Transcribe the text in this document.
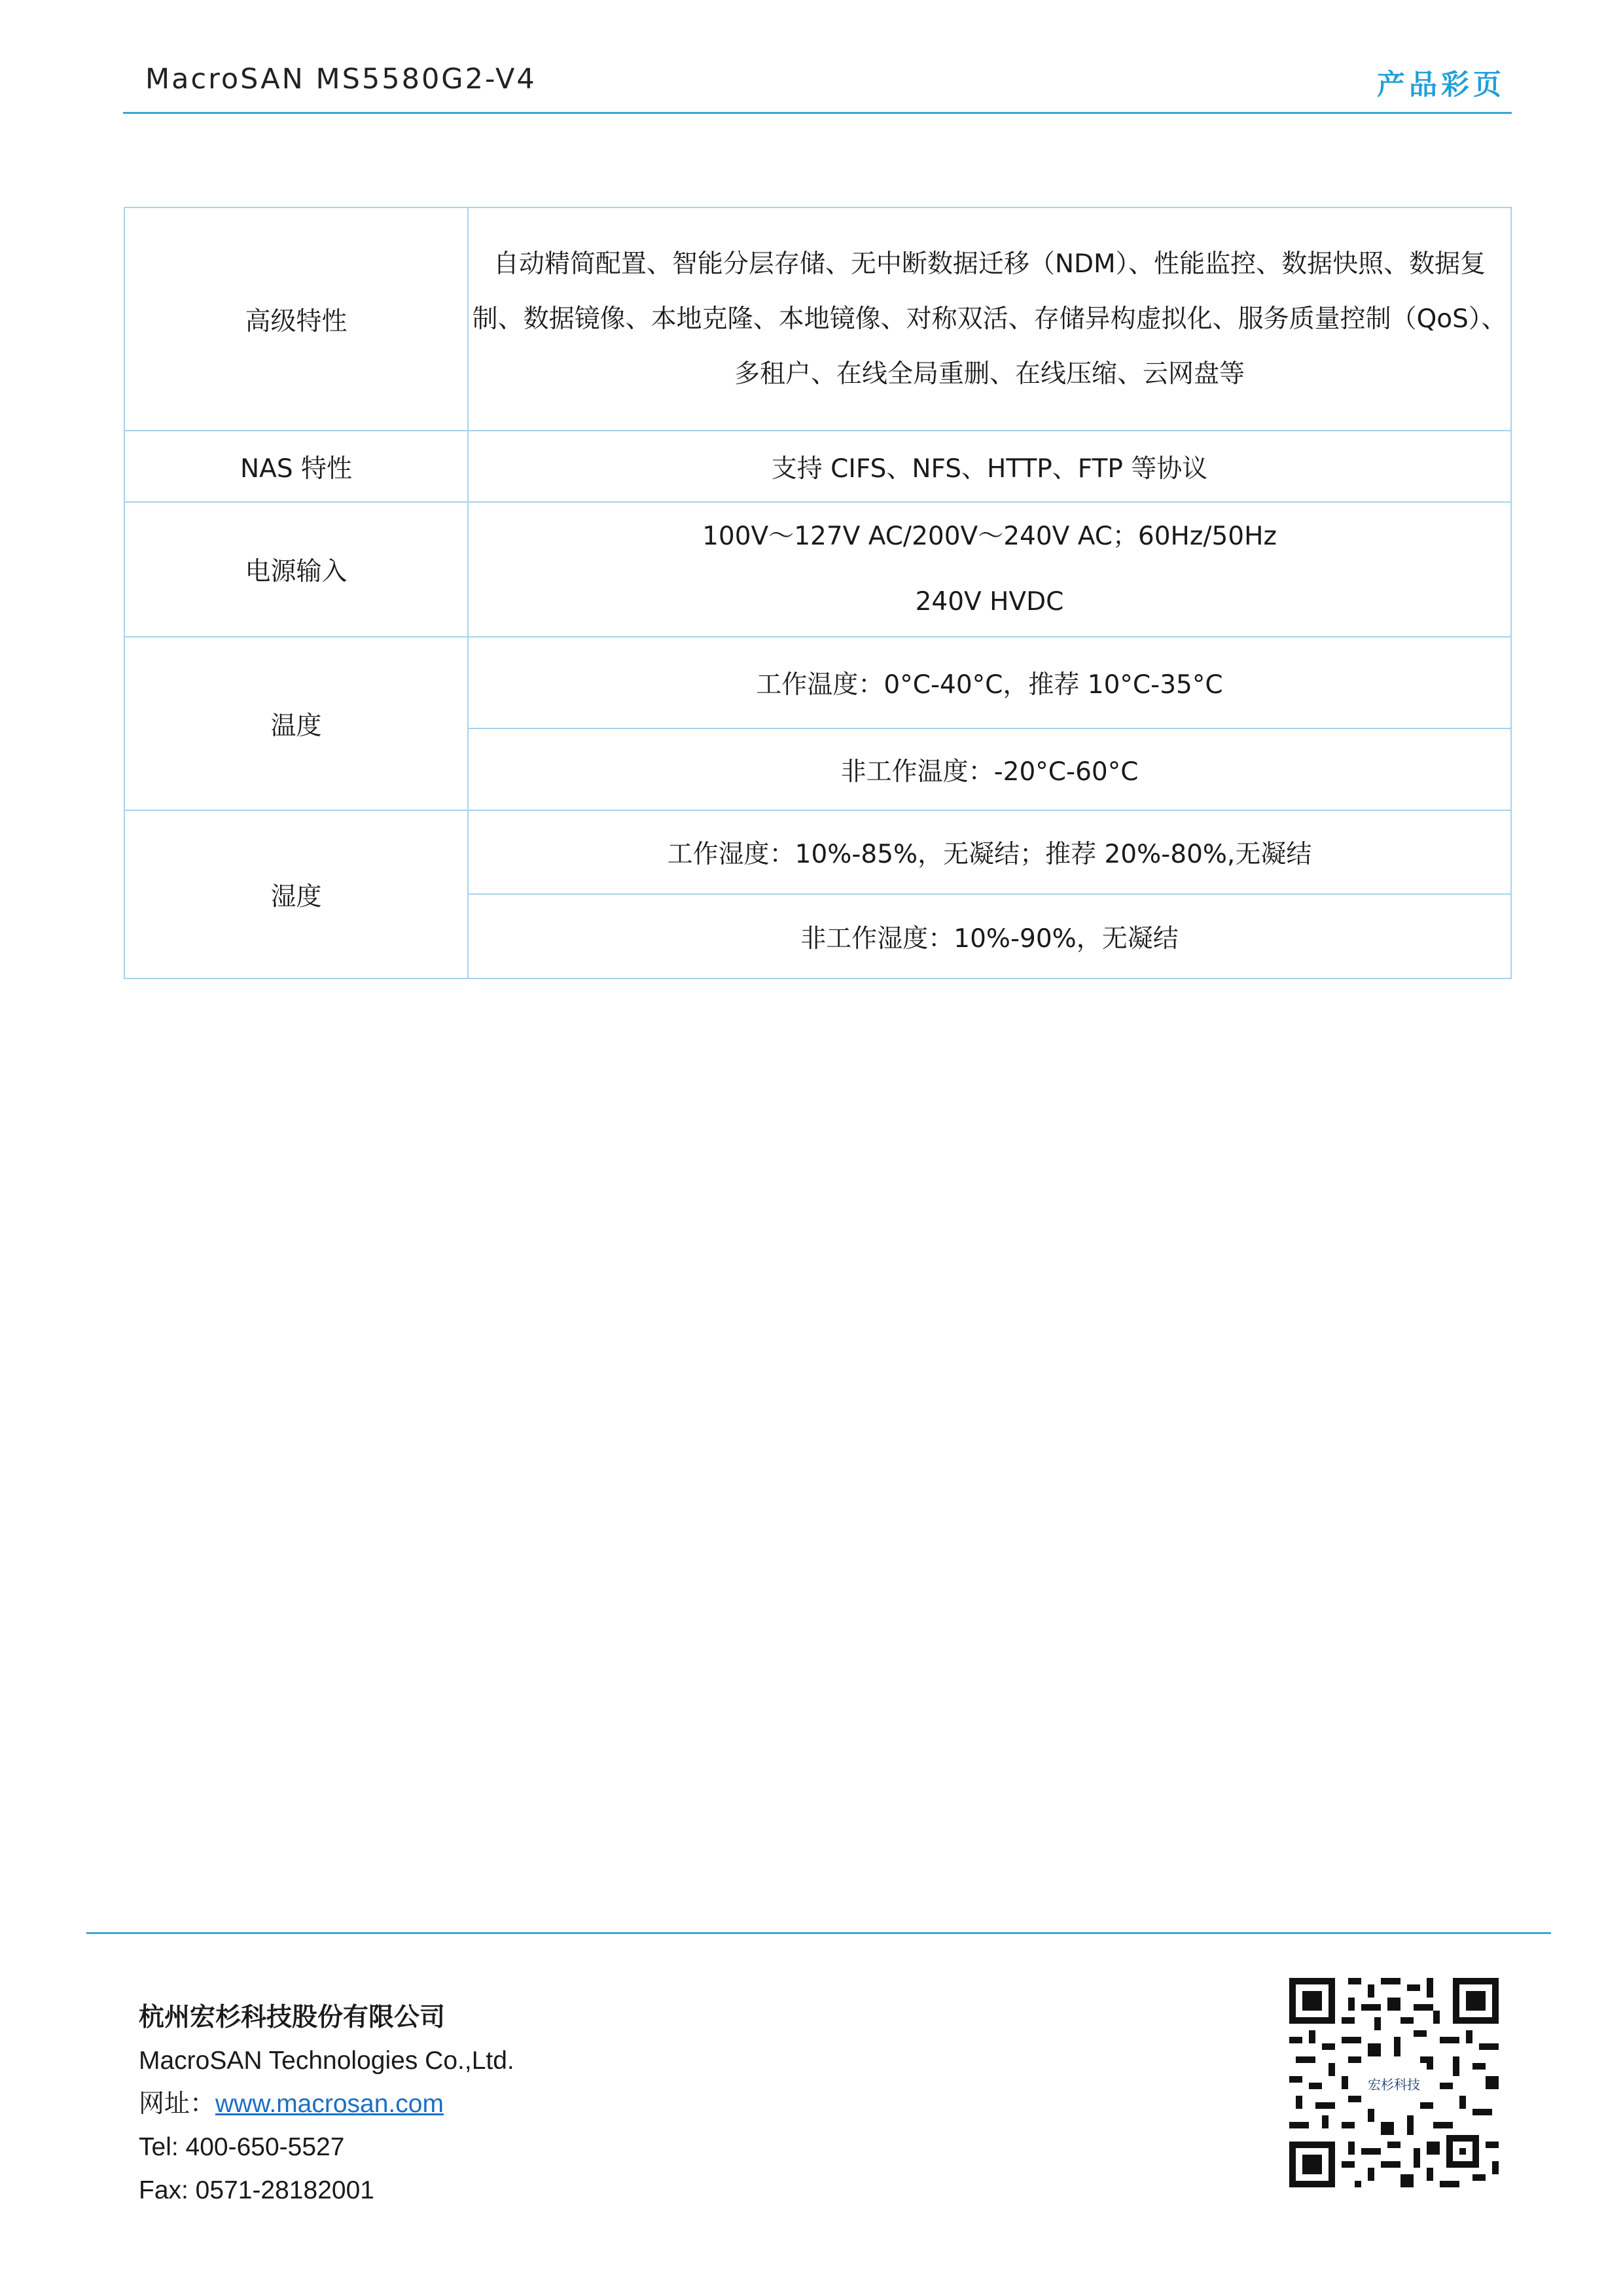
MacroSAN MS5580G2-V4	产品彩页
高级特性	自动精简配置、智能分层存储、无中断数据迁移（NDM）、性能监控、数据快照、数据复制、数据镜像、本地克隆、本地镜像、对称双活、存储异构虚拟化、服务质量控制（QoS）、多租户、在线全局重删、在线压缩、云网盘等
NAS 特性	支持 CIFS、NFS、HTTP、FTP 等协议
电源输入	100V～127V AC/200V～240V AC；60Hz/50Hz
240V HVDC

温度	工作温度：0°C-40°C，推荐 10°C-35°C
	非工作温度：-20°C-60°C
湿度	工作湿度：10%-85%，无凝结；推荐 20%-80%,无凝结
	非工作湿度：10%-90%，无凝结
杭州宏杉科技股份有限公司
MacroSAN Technologies Co.,Ltd.
网址：www.macrosan.com
Tel: 400-650-5527
Fax: 0571-28182001
宏杉科技
